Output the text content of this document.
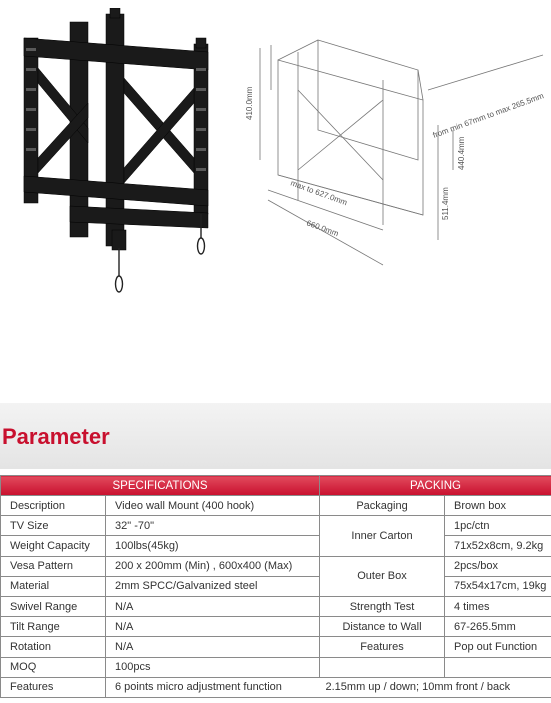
410.0mm	from min 67mm to max 265.5mm
440.4mm
511.4mm
max to 627.0mm
660.0mm
Parameter
SPECIFICATIONS		PACKING	
Description	Video wall Mount (400 hook)	Packaging	Brown box
TV Size	32" -70"	Inner Carton	1pc/ctn
Weight Capacity	100lbs(45kg)		71x52x8cm, 9.2kg
Vesa Pattern	200 x 200mm (Min) , 600x400 (Max)	Outer Box	2pcs/box
Material	2mm SPCC/Galvanized steel		75x54x17cm, 19kg
Swivel Range	N/A	Strength Test	4 times
Tilt Range	N/A	Distance to Wall	67-265.5mm
Rotation	N/A	Features	Pop out Function
MOQ	100pcs		
Features	6 points micro adjustment function	2.15mm up / down; 10mm front / back	
